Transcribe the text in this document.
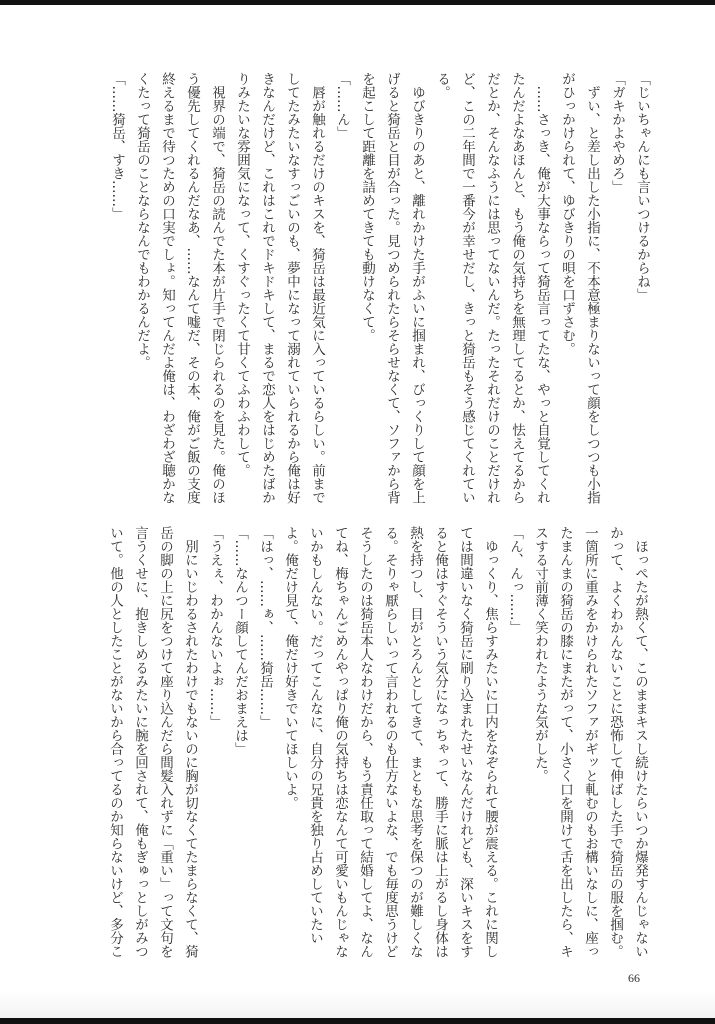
「じいちゃんにも言いつけるからね」
「ガキかよやめろ」
　ずい、と差し出した小指に、不本意極まりないって顔をしつつも小指
がひっかけられて、ゆびきりの唄を口ずさむ。
　……さっき、俺が大事ならって猗岳言ってたな、やっと自覚してくれ
たんだよなあほんと、もう俺の気持ちを無理してるとか、怯えてるから
だとか、そんなふうには思ってないんだ。たったそれだけのことだけれ
ど、この二年間で一番今が幸せだし、きっと猗岳もそう感じてくれてい
る。
　ゆびきりのあと、離れかけた手がふいに掴まれ、びっくりして顔を上
げると猗岳と目が合った。見つめられたらそらせなくて、ソファから背
を起こして距離を詰めてきても動けなくて。
「……ん」
　唇が触れるだけのキスを、猗岳は最近気に入っているらしい。前まで
してたみたいなすっごいのも、夢中になって溺れていられるから俺は好
きなんだけど、これはこれでドキドキして、まるで恋人をはじめたばか
りみたいな雰囲気になって、くすぐったくて甘くてふわふわして。
　視界の端で、猗岳の読んでた本が片手で閉じられるのを見た。俺のほ
う優先してくれるんだなあ、……なんて嘘だ、その本、俺がご飯の支度
終えるまで待つための口実でしょ。知ってんだよ俺は、わざわざ聴かな
くたって猗岳のことならなんでもわかるんだよ。
「……猗岳、すき……」
　ほっぺたが熱くて、このままキスし続けたらいつか爆発すんじゃない
かって、よくわかんないことに恐怖して伸ばした手で猗岳の服を掴む。
一箇所に重みをかけられたソファがギッと軋むのもお構いなしに、座っ
たまんまの猗岳の膝にまたがって、小さく口を開けて舌を出したら、キ
スする寸前薄く笑われたような気がした。
「ん、んっ……」
　ゆっくり、焦らすみたいに口内をなぞられて腰が震える。これに関し
ては間違いなく猗岳に刷り込まれたせいなんだけれども、深いキスをす
ると俺はすぐそういう気分になっちゃって、勝手に脈は上がるし身体は
熱を持つし、目がとろんとしてきて、まともな思考を保つのが難しくな
る。そりゃ厭らしいって言われるのも仕方ないよな、でも毎度思うけど
そうしたのは猗岳本人なわけだから、もう責任取って結婚してよ、なん
てね、梅ちゃんごめんやっぱり俺の気持ちは恋なんて可愛いもんじゃな
いかもしんない。だってこんなに、自分の兄貴を独り占めしていたい
よ。俺だけ見て、俺だけ好きでいてほしいよ。
「はっ、……ぁ、……猗岳……」
「……なんつー顔してんだおまえは」
「うえぇ、わかんないよぉ……」
　別にいじわるされたわけでもないのに胸が切なくてたまらなくて、猗
岳の脚の上に尻をつけて座り込んだら間髪入れずに「重い」って文句を
言うくせに、抱きしめるみたいに腕を回されて、俺もぎゅっとしがみつ
いて。他の人としたことがないから合ってるのか知らないけど、多分こ
66
